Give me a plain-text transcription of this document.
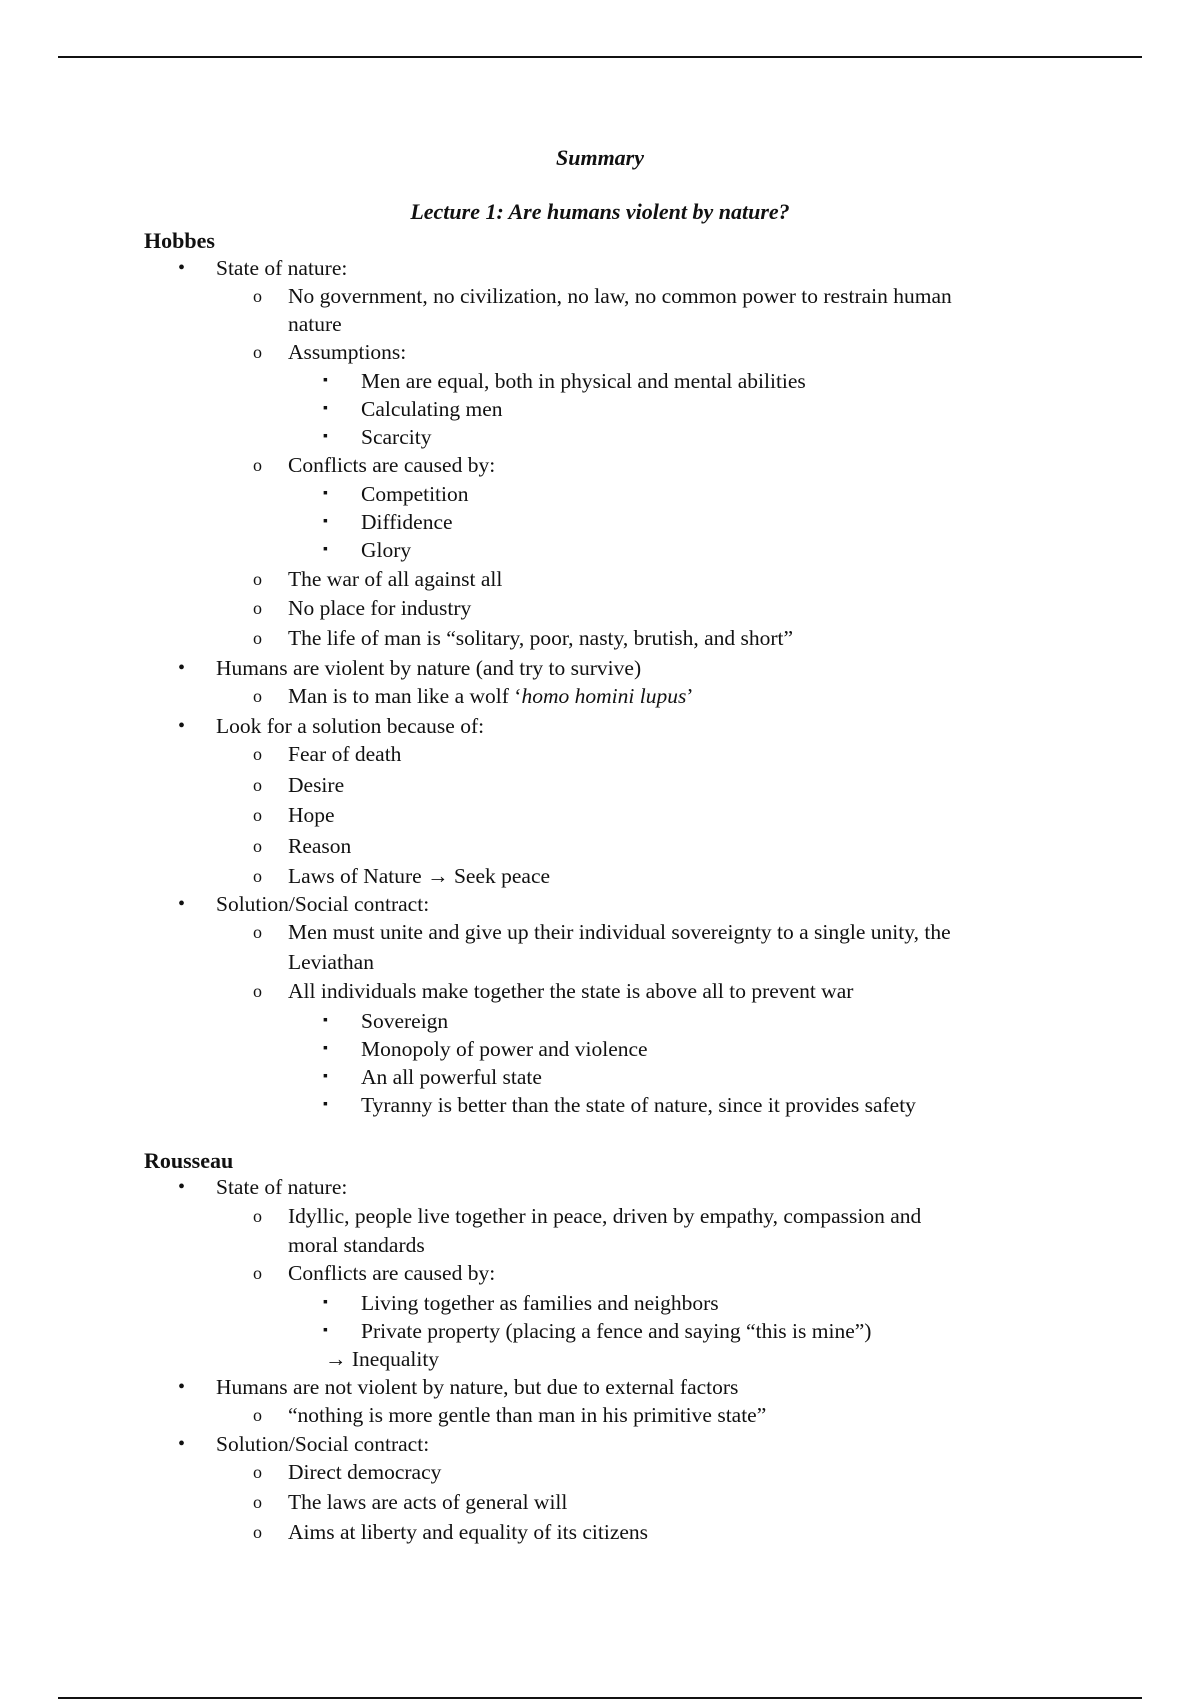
Summary
Lecture 1: Are humans violent by nature?
Hobbes
• State of nature:
o No government, no civilization, no law, no common power to restrain human
nature
o Assumptions:
▪ Men are equal, both in physical and mental abilities
▪ Calculating men
▪ Scarcity
o Conflicts are caused by:
▪ Competition
▪ Diffidence
▪ Glory
o The war of all against all
o No place for industry
o The life of man is “solitary, poor, nasty, brutish, and short”
• Humans are violent by nature (and try to survive)
o Man is to man like a wolf ‘homo homini lupus’
• Look for a solution because of:
o Fear of death
o Desire
o Hope
o Reason
o Laws of Nature → Seek peace
• Solution/Social contract:
o Men must unite and give up their individual sovereignty to a single unity, the
Leviathan
o All individuals make together the state is above all to prevent war
▪ Sovereign
▪ Monopoly of power and violence
▪ An all powerful state
▪ Tyranny is better than the state of nature, since it provides safety
Rousseau
• State of nature:
o Idyllic, people live together in peace, driven by empathy, compassion and
moral standards
o Conflicts are caused by:
▪ Living together as families and neighbors
▪ Private property (placing a fence and saying “this is mine”)
→ Inequality
• Humans are not violent by nature, but due to external factors
o “nothing is more gentle than man in his primitive state”
• Solution/Social contract:
o Direct democracy
o The laws are acts of general will
o Aims at liberty and equality of its citizens
